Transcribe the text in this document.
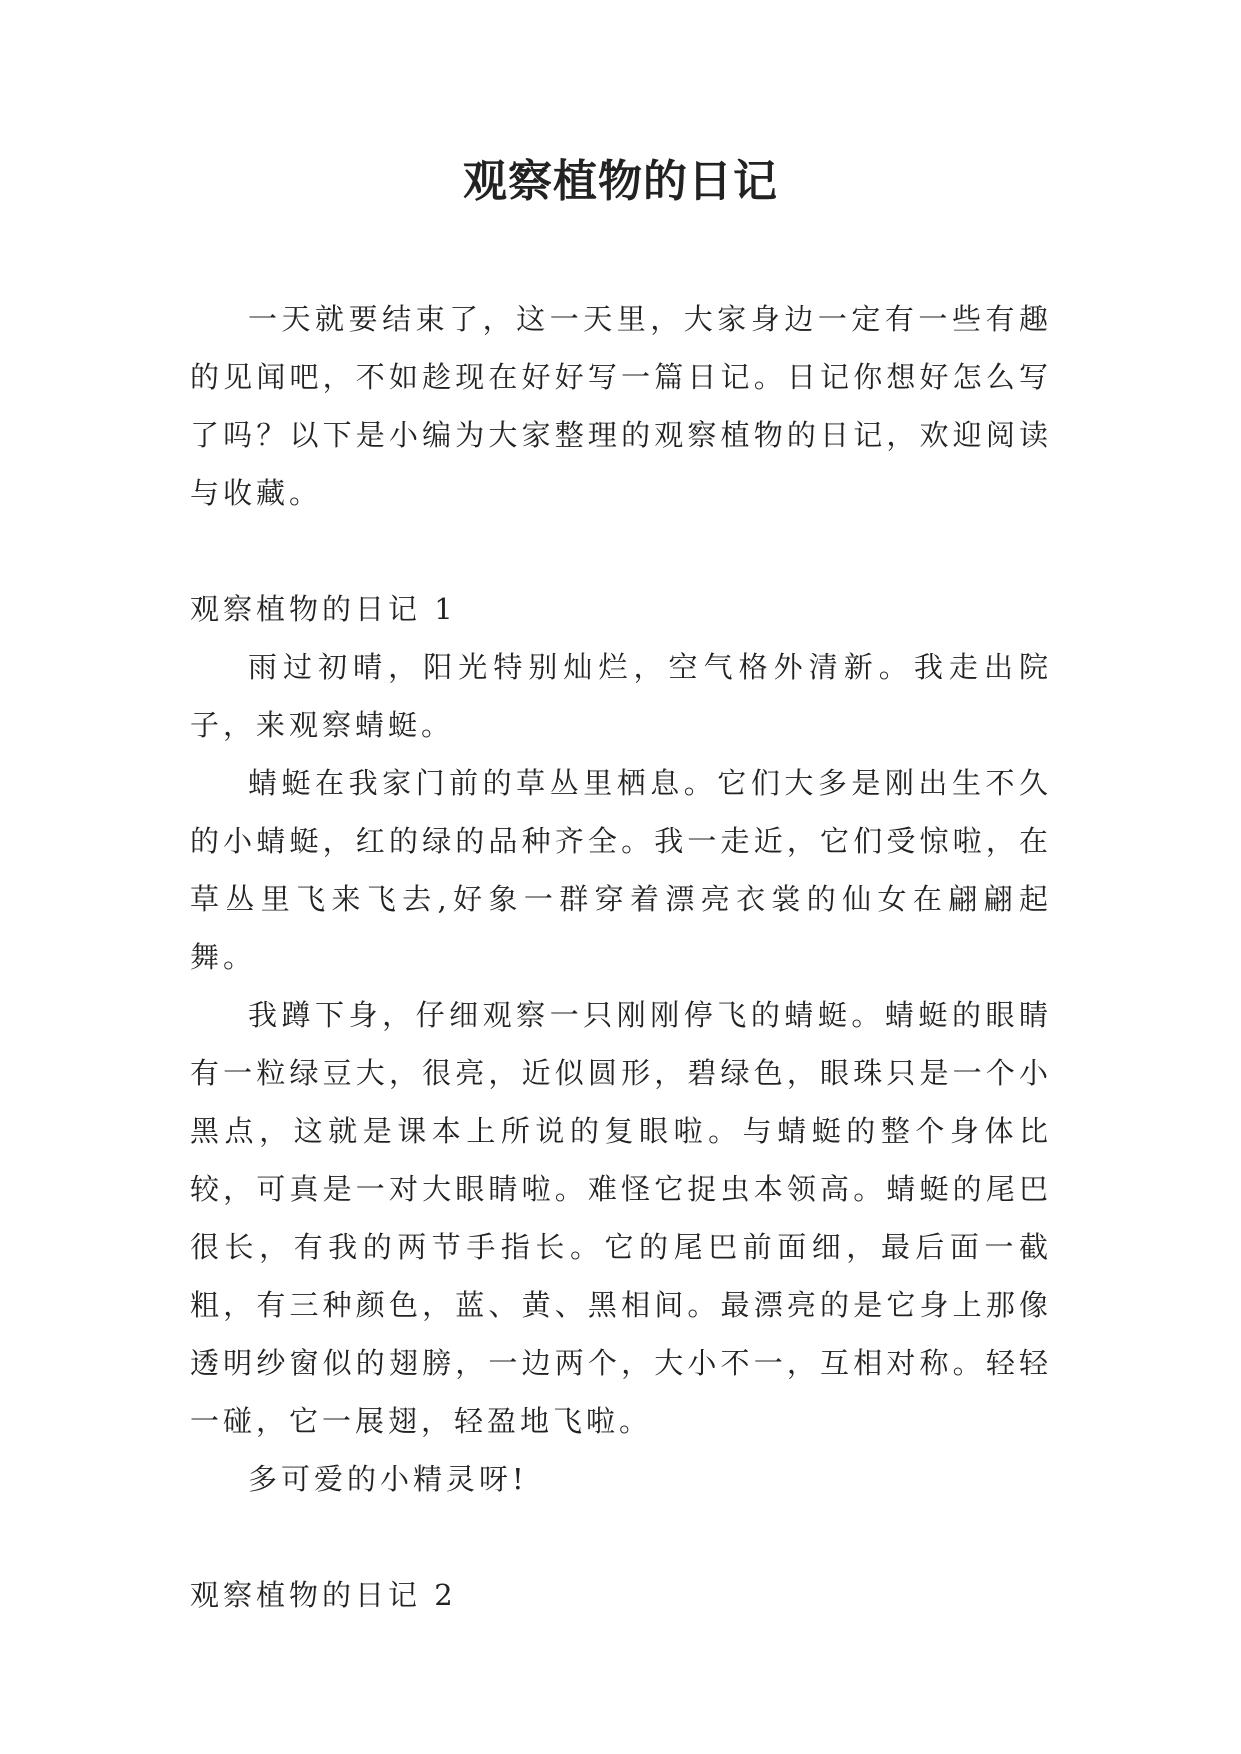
观察植物的日记

一天就要结束了，这一天里，大家身边一定有一些有趣的见闻吧，不如趁现在好好写一篇日记。日记你想好怎么写了吗？以下是小编为大家整理的观察植物的日记，欢迎阅读与收藏。

观察植物的日记 1

雨过初晴，阳光特别灿烂，空气格外清新。我走出院子，来观察蜻蜓。

蜻蜓在我家门前的草丛里栖息。它们大多是刚出生不久的小蜻蜓，红的绿的品种齐全。我一走近，它们受惊啦，在草丛里飞来飞去,好象一群穿着漂亮衣裳的仙女在翩翩起舞。

我蹲下身，仔细观察一只刚刚停飞的蜻蜓。蜻蜓的眼睛有一粒绿豆大，很亮，近似圆形，碧绿色，眼珠只是一个小黑点，这就是课本上所说的复眼啦。与蜻蜓的整个身体比较，可真是一对大眼睛啦。难怪它捉虫本领高。蜻蜓的尾巴很长，有我的两节手指长。它的尾巴前面细，最后面一截粗，有三种颜色，蓝、黄、黑相间。最漂亮的是它身上那像透明纱窗似的翅膀，一边两个，大小不一，互相对称。轻轻一碰，它一展翅，轻盈地飞啦。

多可爱的小精灵呀!

观察植物的日记 2
